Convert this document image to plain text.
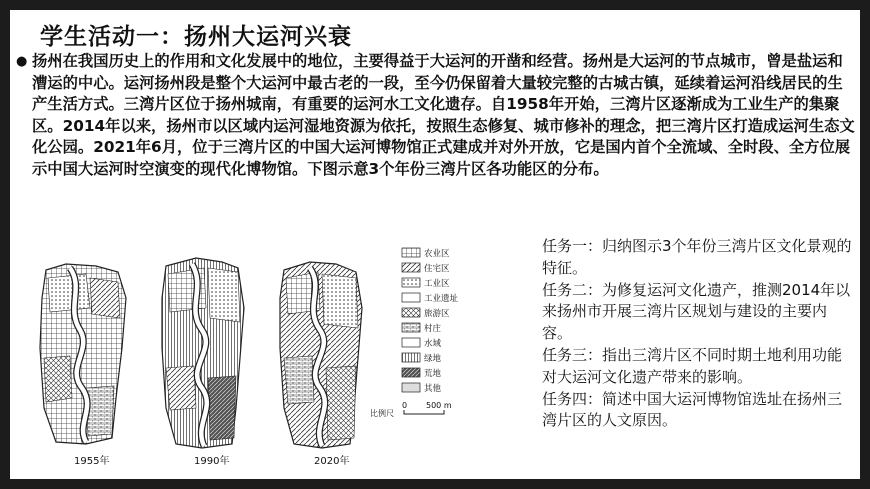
学生活动一：扬州大运河兴衰
● 扬州在我国历史上的作用和文化发展中的地位，主要得益于大运河的开凿和经营。扬州是大运河的节点城市，曾是盐运和漕运的中心。运河扬州段是整个大运河中最古老的一段，至今仍保留着大量较完整的古城古镇，延续着运河沿线居民的生产生活方式。三湾片区位于扬州城南，有重要的运河水工文化遗存。自1958年开始，三湾片区逐渐成为工业生产的集聚区。2014年以来，扬州市以区域内运河湿地资源为依托，按照生态修复、城市修补的理念，把三湾片区打造成运河生态文化公园。2021年6月，位于三湾片区的中国大运河博物馆正式建成并对外开放，它是国内首个全流域、全时段、全方位展示中国大运河时空演变的现代化博物馆。下图示意3个年份三湾片区各功能区的分布。
1955年	1990年	2020年
农业区
住宅区
工业区
工业遗址
旅游区
村庄
水域
绿地
荒地
其他
比例尺
0 500 m

任务一：归纳图示3个年份三湾片区文化景观的特征。

任务二：为修复运河文化遗产，推测2014年以来扬州市开展三湾片区规划与建设的主要内容。

任务三：指出三湾片区不同时期土地利用功能对大运河文化遗产带来的影响。

任务四：简述中国大运河博物馆选址在扬州三湾片区的人文原因。
